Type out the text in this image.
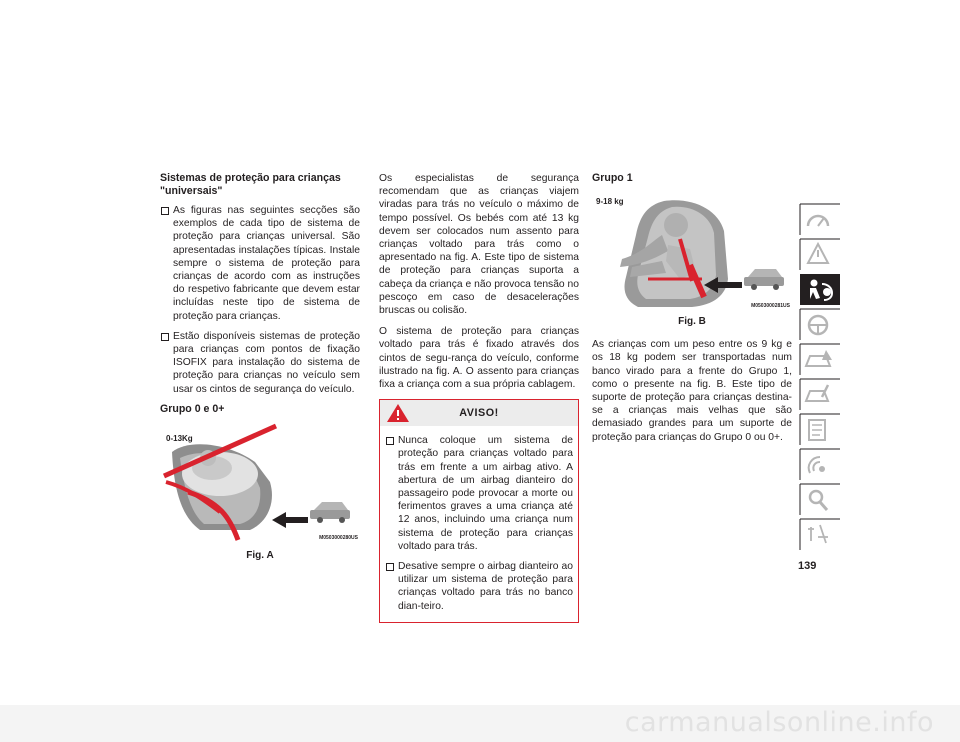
Sistemas de proteção para crianças "universais"
As figuras nas seguintes secções são exemplos de cada tipo de sistema de proteção para crianças universal. São apresentadas instalações típicas. Instale sempre o sistema de proteção para crianças de acordo com as instruções do respetivo fabricante que devem estar incluídas neste tipo de sistema de proteção para crianças.
Estão disponíveis sistemas de proteção para crianças com pontos de fixação ISOFIX para instalação do sistema de proteção para crianças no veículo sem usar os cintos de segurança do veículo.
Grupo 0 e 0+
0-13Kg
M0503000280US
Fig. A

Os especialistas de segurança recomendam que as crianças viajem viradas para trás no veículo o máximo de tempo possível. Os bebés com até 13 kg devem ser colocados num assento para crianças voltado para trás como o apresentado na fig. A. Este tipo de sistema de proteção para crianças suporta a cabeça da criança e não provoca tensão no pescoço em caso de desacelerações bruscas ou colisão.

O sistema de proteção para crianças voltado para trás é fixado através dos cintos de segu-rança do veículo, conforme ilustrado na fig. A. O assento para crianças fixa a criança com a sua própria cablagem.

AVISO!
Nunca coloque um sistema de proteção para crianças voltado para trás em frente a um airbag ativo. A abertura de um airbag dianteiro do passageiro pode provocar a morte ou ferimentos graves a uma criança até 12 anos, incluindo uma criança num sistema de proteção para crianças voltado para trás.
Desative sempre o airbag dianteiro ao utilizar um sistema de proteção para crianças voltado para trás no banco dian-teiro.
Grupo 1
9-18 kg
M0503000281US
Fig. B

As crianças com um peso entre os 9 kg e os 18 kg podem ser transportadas num banco virado para a frente do Grupo 1, como o presente na fig. B. Este tipo de suporte de proteção para crianças destina-se a crianças mais velhas que são demasiado grandes para um suporte de proteção para crianças do Grupo 0 ou 0+.

139
carmanualsonline.info
